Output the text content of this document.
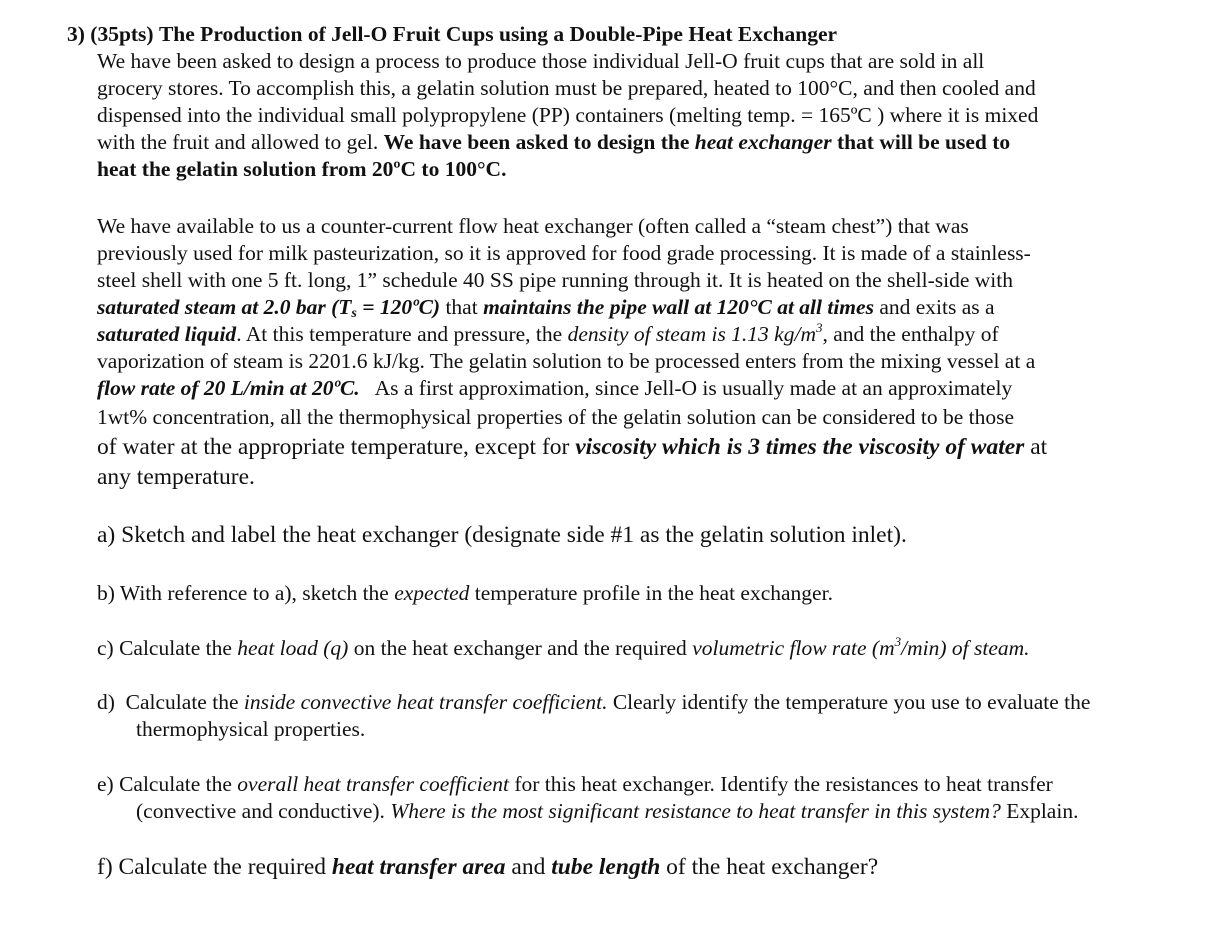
3) (35pts) The Production of Jell-O Fruit Cups using a Double-Pipe Heat Exchanger
We have been asked to design a process to produce those individual Jell-O fruit cups that are sold in all
grocery stores. To accomplish this, a gelatin solution must be prepared, heated to 100°C, and then cooled and
dispensed into the individual small polypropylene (PP) containers (melting temp. = 165ºC ) where it is mixed
with the fruit and allowed to gel. We have been asked to design the heat exchanger that will be used to
heat the gelatin solution from 20ºC to 100°C.
We have available to us a counter-current flow heat exchanger (often called a “steam chest”) that was
previously used for milk pasteurization, so it is approved for food grade processing. It is made of a stainless-
steel shell with one 5 ft. long, 1” schedule 40 SS pipe running through it. It is heated on the shell-side with
saturated steam at 2.0 bar ($T_s$ = 120ºC) that maintains the pipe wall at 120°C at all times and exits as a
saturated liquid. At this temperature and pressure, the density of steam is 1.13 $kg/m^3$, and the enthalpy of
vaporization of steam is 2201.6 kJ/kg. The gelatin solution to be processed enters from the mixing vessel at a
flow rate of 20 L/min at 20ºC.   As a first approximation, since Jell-O is usually made at an approximately
1wt% concentration, all the thermophysical properties of the gelatin solution can be considered to be those
of water at the appropriate temperature, except for viscosity which is 3 times the viscosity of water at
any temperature.
a) Sketch and label the heat exchanger (designate side #1 as the gelatin solution inlet).
b) With reference to a), sketch the expected temperature profile in the heat exchanger.
c) Calculate the heat load (q) on the heat exchanger and the required volumetric flow rate $(m^3/\min)$ of steam.
d)  Calculate the inside convective heat transfer coefficient. Clearly identify the temperature you use to evaluate the
thermophysical properties.
e) Calculate the overall heat transfer coefficient for this heat exchanger. Identify the resistances to heat transfer
(convective and conductive). Where is the most significant resistance to heat transfer in this system? Explain.
f) Calculate the required heat transfer area and tube length of the heat exchanger?
